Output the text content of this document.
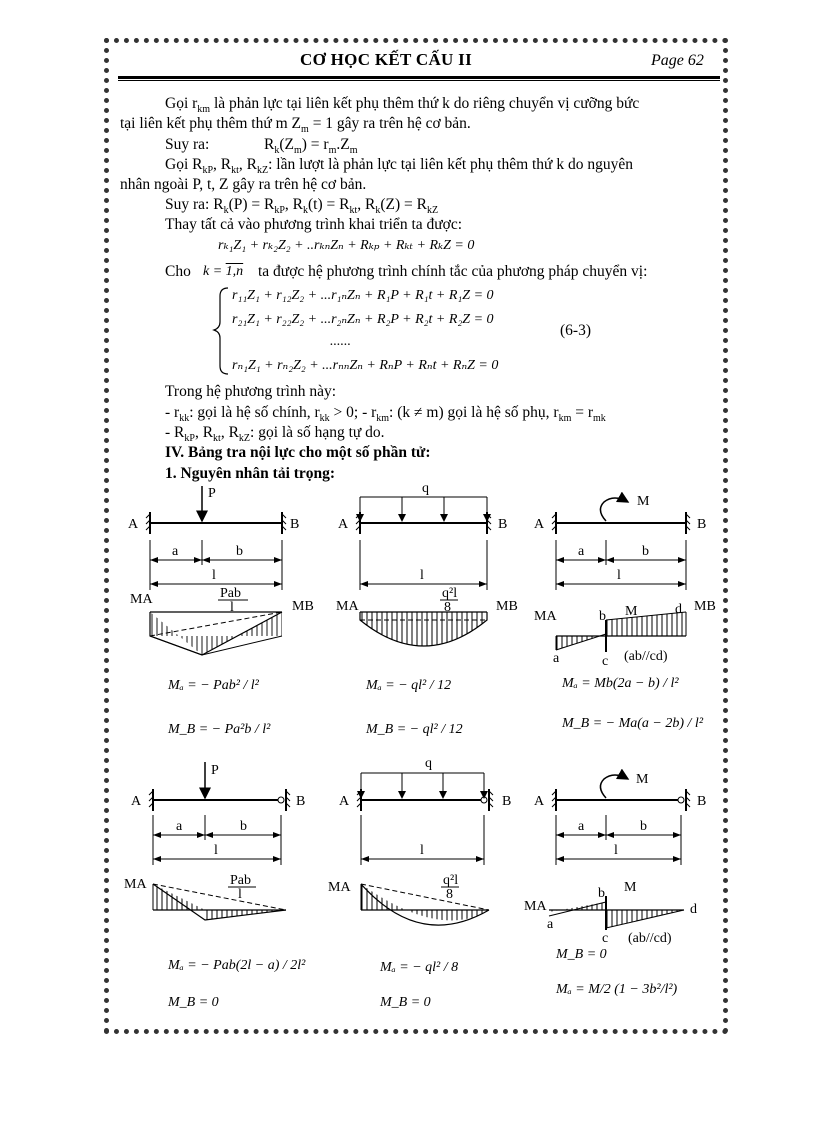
CƠ HỌC KẾT CẤU II	Page 62
Gọi $r_{km}$ là phản lực tại liên kết phụ thêm thứ k do riêng chuyển vị cưỡng bức
tại liên kết phụ thêm thứ m $Z_m = 1$ gây ra trên hệ cơ bản.
Suy ra:	$R_k(Z_m) = r_m.Z_m$
Gọi $R_{kP}$, $R_{kt}$, $R_{kZ}$: lần lượt là phản lực tại liên kết phụ thêm thứ k do nguyên
nhân ngoài P, t, Z gây ra trên hệ cơ bản.
Suy ra: $R_k(P) = R_{kP}$, $R_k(t) = R_{kt}$, $R_k(Z) = R_{kZ}$
Thay tất cả vào phương trình khai triển ta được:
rₖ₁Z₁ + rₖ₂Z₂ + ..rₖₙZₙ + Rₖₚ + Rₖₜ + RₖZ = 0
Cho k = 1,n ta được hệ phương trình chính tắc của phương pháp chuyển vị:
r₁₁Z₁ + r₁₂Z₂ + ...r₁ₙZₙ + R₁P + R₁t + R₁Z = 0
r₂₁Z₁ + r₂₂Z₂ + ...r₂ₙZₙ + R₂P + R₂t + R₂Z = 0
......
rₙ₁Z₁ + rₙ₂Z₂ + ...rₙₙZₙ + RₙP + Rₙt + RₙZ = 0
(6-3)
Trong hệ phương trình này:
- $r_{kk}$: gọi là hệ số chính, $r_{kk} > 0$; - $r_{km}$: (k ≠ m) gọi là hệ số phụ, $r_{km} = r_{mk}$
- $R_{kP}$, $R_{kt}$, $R_{kZ}$: gọi là số hạng tự do.
IV. Bảng tra nội lực cho một số phần tử:
1. Nguyên nhân tải trọng:
A	B
P
a	b
l
MA	MB
Pab
l
A	B
q
l
MA	MB
q²l
8
A	B
M
a	b
l
MA
MB
b M	d
a	c (ab//cd)
A	B
P
a	b
l
MA	Pab
l
A	B
q
l
MA	q²l
8
A	B
M
a	b
l
MA
b M
d
a
c (ab//cd)
Mₐ = − Pab² / l²
M_B = − Pa²b / l²
Mₐ = − ql² / 12
M_B = − ql² / 12
Mₐ = Mb(2a − b) / l²
M_B = − Ma(a − 2b) / l²
Mₐ = − Pab(2l − a) / 2l²
M_B = 0
Mₐ = − ql² / 8
M_B = 0
M_B = 0
Mₐ = M/2 (1 − 3b²/l²)
